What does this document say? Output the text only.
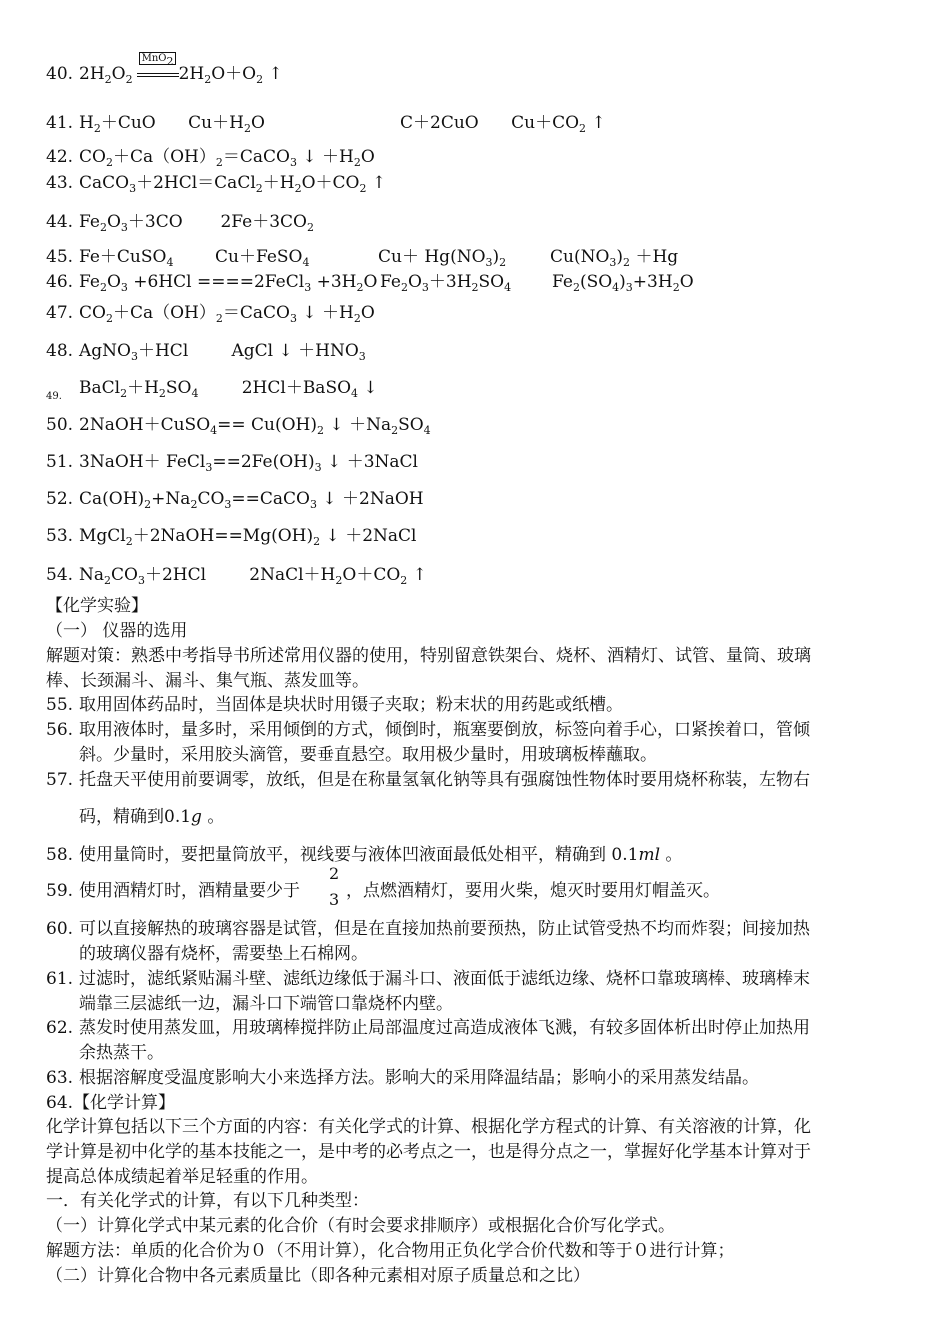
40. $2H_2O_2$
MnO$_2$
$2H_2O+O_2$ ↑
41. $H_2+CuO$      $Cu+H_2O$	C＋2CuO      $Cu+CO_2$ ↑
42. $CO_2+Ca(OH)_2=CaCO_3$ ↓ $+H_2O$
43. $CaCO_3+2HCl=CaCl_2+H_2O+CO_2$ ↑
44. $Fe_2O_3+3CO$       $2Fe+3CO_2$
45. Fe＋CuSO$_4$ Cu＋FeSO$_4$	$Cu+ Hg(NO_3)_2$	$Cu(NO_3)_2 +Hg$
46. $Fe_2O_3 +6HCl$ ====2FeCl$_3$ $+3H_2O$ $Fe_2O_3+3H_2SO_4$ $Fe_2(SO_4)_3+3H_2O$
47. $CO_2+Ca(OH)_2=CaCO_3$ ↓ $+H_2O$
48. AgNO$_3$＋HCl        AgCl ↓ $+HNO_3$
49. $BaCl_2+H_2SO_4$        2HCl＋BaSO$_4$ ↓
50. 2NaOH＋CuSO$_4$== $Cu(OH)_2$ ↓ $+Na_2SO_4$
51. 3NaOH＋ $FeCl_3==2Fe(OH)_3$ ↓ ＋3NaCl
52. $Ca(OH)_2+Na_2CO_3==CaCO_3$ ↓ ＋2NaOH
53. $MgCl_2+2NaOH==Mg(OH)_2$ ↓ ＋2NaCl
54. $Na_2CO_3+2HCl$        $2NaCl+H_2O+CO_2$ ↑
【化学实验】
（一） 仪器的选用
解题对策：熟悉中考指导书所述常用仪器的使用，特别留意铁架台、烧杯、酒精灯、试管、量筒、玻璃
棒、长颈漏斗、漏斗、集气瓶、蒸发皿等。
55. 取用固体药品时，当固体是块状时用镊子夹取；粉末状的用药匙或纸槽。
56. 取用液体时，量多时，采用倾倒的方式，倾倒时，瓶塞要倒放，标签向着手心，口紧挨着口，管倾
斜。少量时，采用胶头滴管，要垂直悬空。取用极少量时，用玻璃板棒蘸取。
57. 托盘天平使用前要调零，放纸，但是在称量氢氧化钠等具有强腐蚀性物体时要用烧杯称装，左物右
码，精确到0.1g 。
58. 使用量筒时，要把量筒放平，视线要与液体凹液面最低处相平，精确到 0.1ml 。
59. 使用酒精灯时，酒精量要少于
2
3 ，点燃酒精灯，要用火柴，熄灭时要用灯帽盖灭。
60. 可以直接解热的玻璃容器是试管，但是在直接加热前要预热，防止试管受热不均而炸裂；间接加热
的玻璃仪器有烧杯，需要垫上石棉网。
61. 过滤时，滤纸紧贴漏斗壁、滤纸边缘低于漏斗口、液面低于滤纸边缘、烧杯口靠玻璃棒、玻璃棒末
端靠三层滤纸一边，漏斗口下端管口靠烧杯内壁。
62. 蒸发时使用蒸发皿，用玻璃棒搅拌防止局部温度过高造成液体飞溅，有较多固体析出时停止加热用
余热蒸干。
63. 根据溶解度受温度影响大小来选择方法。影响大的采用降温结晶；影响小的采用蒸发结晶。
64.【化学计算】
化学计算包括以下三个方面的内容：有关化学式的计算、根据化学方程式的计算、有关溶液的计算，化
学计算是初中化学的基本技能之一，是中考的必考点之一，也是得分点之一，掌握好化学基本计算对于
提高总体成绩起着举足轻重的作用。
一．有关化学式的计算，有以下几种类型：
（一）计算化学式中某元素的化合价（有时会要求排顺序）或根据化合价写化学式。
解题方法：单质的化合价为０（不用计算），化合物用正负化学合价代数和等于０进行计算；
（二）计算化合物中各元素质量比（即各种元素相对原子质量总和之比）
